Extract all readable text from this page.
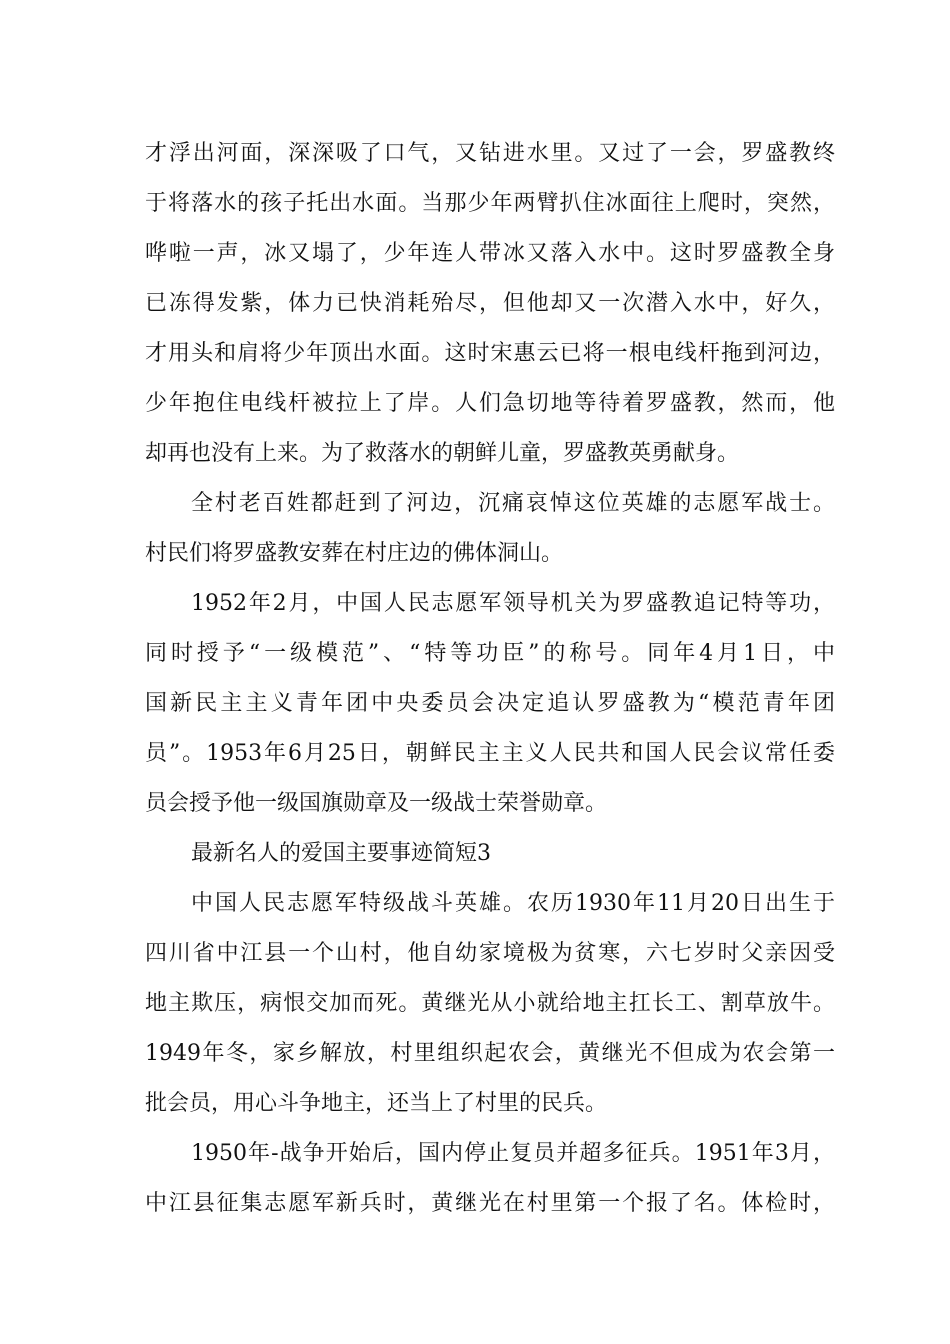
才浮出河面，深深吸了口气，又钻进水里。又过了一会，罗盛教终
于将落水的孩子托出水面。当那少年两臂扒住冰面往上爬时，突然，
哗啦一声，冰又塌了，少年连人带冰又落入水中。这时罗盛教全身
已冻得发紫，体力已快消耗殆尽，但他却又一次潜入水中，好久，
才用头和肩将少年顶出水面。这时宋惠云已将一根电线杆拖到河边，
少年抱住电线杆被拉上了岸。人们急切地等待着罗盛教，然而，他
却再也没有上来。为了救落水的朝鲜儿童，罗盛教英勇献身。
全村老百姓都赶到了河边，沉痛哀悼这位英雄的志愿军战士。
村民们将罗盛教安葬在村庄边的佛体洞山。
1952年2月，中国人民志愿军领导机关为罗盛教追记特等功，
同时授予“一级模范”、“特等功臣”的称号。同年4月1日，中
国新民主主义青年团中央委员会决定追认罗盛教为“模范青年团
员”。1953年6月25日，朝鲜民主主义人民共和国人民会议常任委
员会授予他一级国旗勋章及一级战士荣誉勋章。
最新名人的爱国主要事迹简短3
中国人民志愿军特级战斗英雄。农历1930年11月20日出生于
四川省中江县一个山村，他自幼家境极为贫寒，六七岁时父亲因受
地主欺压，病恨交加而死。黄继光从小就给地主扛长工、割草放牛。
1949年冬，家乡解放，村里组织起农会，黄继光不但成为农会第一
批会员，用心斗争地主，还当上了村里的民兵。
1950年-战争开始后，国内停止复员并超多征兵。1951年3月，
中江县征集志愿军新兵时，黄继光在村里第一个报了名。体检时，
